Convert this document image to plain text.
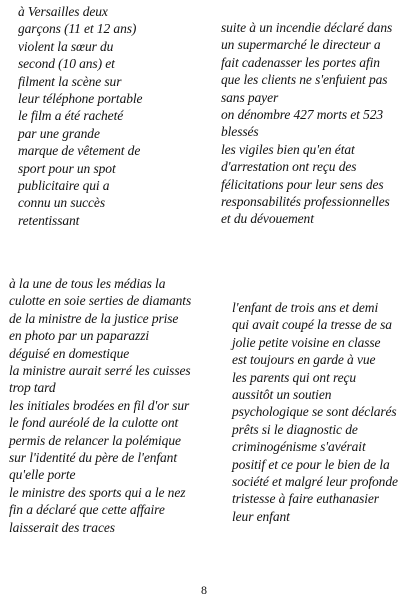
à Versailles deux
garçons (11 et 12 ans)
violent la sœur du
second (10 ans) et
filment la scène sur
leur téléphone portable
le film a été racheté
par une grande
marque de vêtement de
sport pour un spot
publicitaire qui a
connu un succès
retentissant
suite à un incendie déclaré dans
un supermarché le directeur a
fait cadenasser les portes afin
que les clients ne s'enfuient pas
sans payer
on dénombre 427 morts et 523
blessés
les vigiles bien qu'en état
d'arrestation ont reçu des
félicitations pour leur sens des
responsabilités professionnelles
et du dévouement
à la une de tous les médias la
culotte en soie serties de diamants
de la ministre de la justice prise
en photo par un paparazzi
déguisé en domestique
la ministre aurait serré les cuisses
trop tard
les initiales brodées en fil d'or sur
le fond auréolé de la culotte ont
permis de relancer la polémique
sur l'identité du père de l'enfant
qu'elle porte
le ministre des sports qui a le nez
fin a déclaré que cette affaire
laisserait des traces
l'enfant de trois ans et demi
qui avait coupé la tresse de sa
jolie petite voisine en classe
est toujours en garde à vue
les parents qui ont reçu
aussitôt un soutien
psychologique se sont déclarés
prêts si le diagnostic de
criminogénisme s'avérait
positif et ce pour le bien de la
société et malgré leur profonde
tristesse à faire euthanasier
leur enfant
8
